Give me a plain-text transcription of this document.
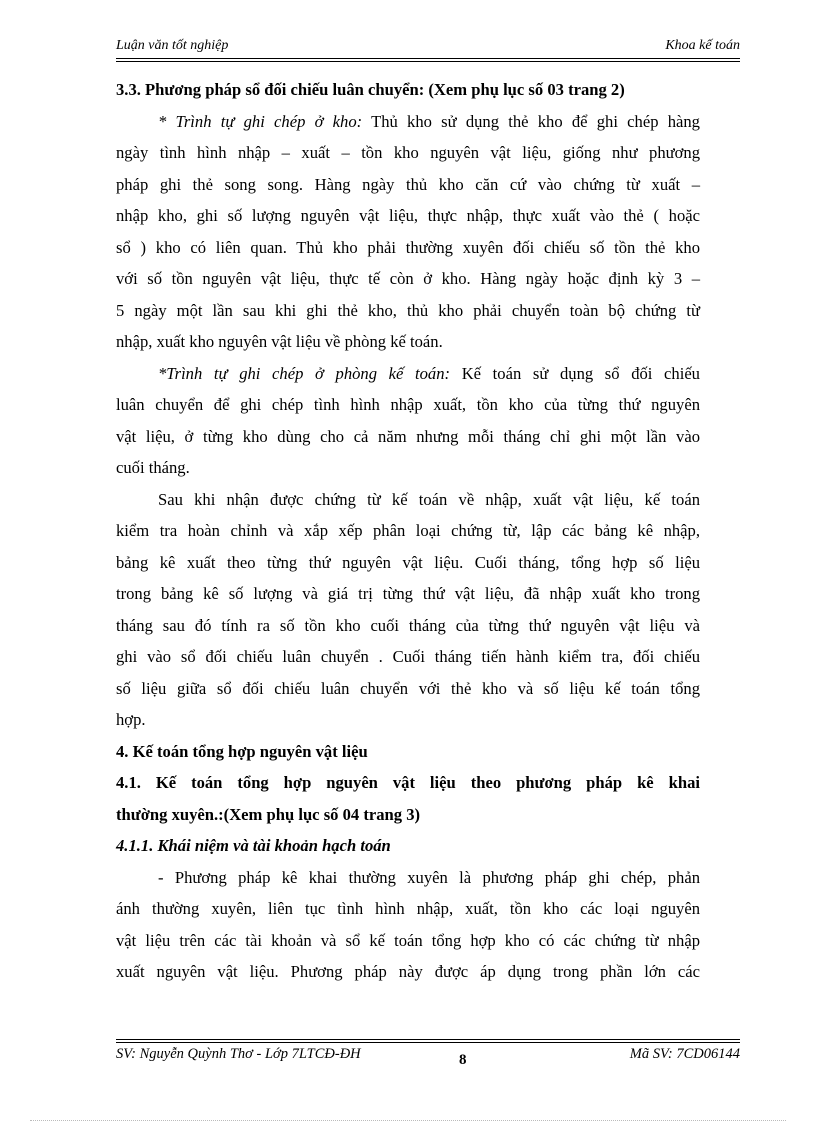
Luận văn tốt nghiệp	Khoa kế toán
3.3. Phương pháp sổ đối chiếu luân chuyển: (Xem phụ lục số 03 trang 2)
* Trình tự ghi chép ở kho: Thủ kho sử dụng thẻ kho để ghi chép hàng
ngày tình hình nhập – xuất – tồn kho nguyên vật liệu, giống như phương
pháp ghi thẻ song song. Hàng ngày thủ kho căn cứ vào chứng từ xuất –
nhập kho, ghi số lượng nguyên vật liệu, thực nhập, thực xuất vào thẻ ( hoặc
sổ ) kho có liên quan. Thủ kho phải thường xuyên đối chiếu số tồn thẻ kho
với số tồn nguyên vật liệu, thực tế còn ở kho. Hàng ngày hoặc định kỳ 3 –
5 ngày một lần sau khi ghi thẻ kho, thủ kho phải chuyển toàn bộ chứng từ
nhập, xuất kho nguyên vật liệu về phòng kế toán.
*Trình tự ghi chép ở phòng kế toán: Kế toán sử dụng sổ đối chiếu
luân chuyển để ghi chép tình hình nhập xuất, tồn kho của từng thứ nguyên
vật liệu, ở từng kho dùng cho cả năm nhưng mỗi tháng chỉ ghi một lần vào
cuối tháng.
Sau khi nhận được chứng từ kế toán về nhập, xuất vật liệu, kế toán
kiểm tra hoàn chỉnh và xắp xếp phân loại chứng từ, lập các bảng kê nhập,
bảng kê xuất theo từng thứ nguyên vật liệu. Cuối tháng, tổng hợp số liệu
trong bảng kê số lượng và giá trị từng thứ vật liệu, đã nhập xuất kho trong
tháng sau đó tính ra số tồn kho cuối tháng của từng thứ nguyên vật liệu và
ghi vào sổ đối chiếu luân chuyển . Cuối tháng tiến hành kiểm tra, đối chiếu
số liệu giữa sổ đối chiếu luân chuyển với thẻ kho và số liệu kế toán tổng
hợp.
4. Kế toán tổng hợp nguyên vật liệu
4.1. Kế toán tổng hợp nguyên vật liệu theo phương pháp kê khai
thường xuyên.:(Xem phụ lục số 04 trang 3)
4.1.1. Khái niệm và tài khoản hạch toán
- Phương pháp kê khai thường xuyên là phương pháp ghi chép, phản
ánh thường xuyên, liên tục tình hình nhập, xuất, tồn kho các loại nguyên
vật liệu trên các tài khoản và sổ kế toán tổng hợp kho có các chứng từ nhập
xuất nguyên vật liệu. Phương pháp này được áp dụng trong phần lớn các
SV: Nguyễn Quỳnh Thơ - Lớp 7LTCĐ-ĐH	8	Mã SV: 7CD06144
